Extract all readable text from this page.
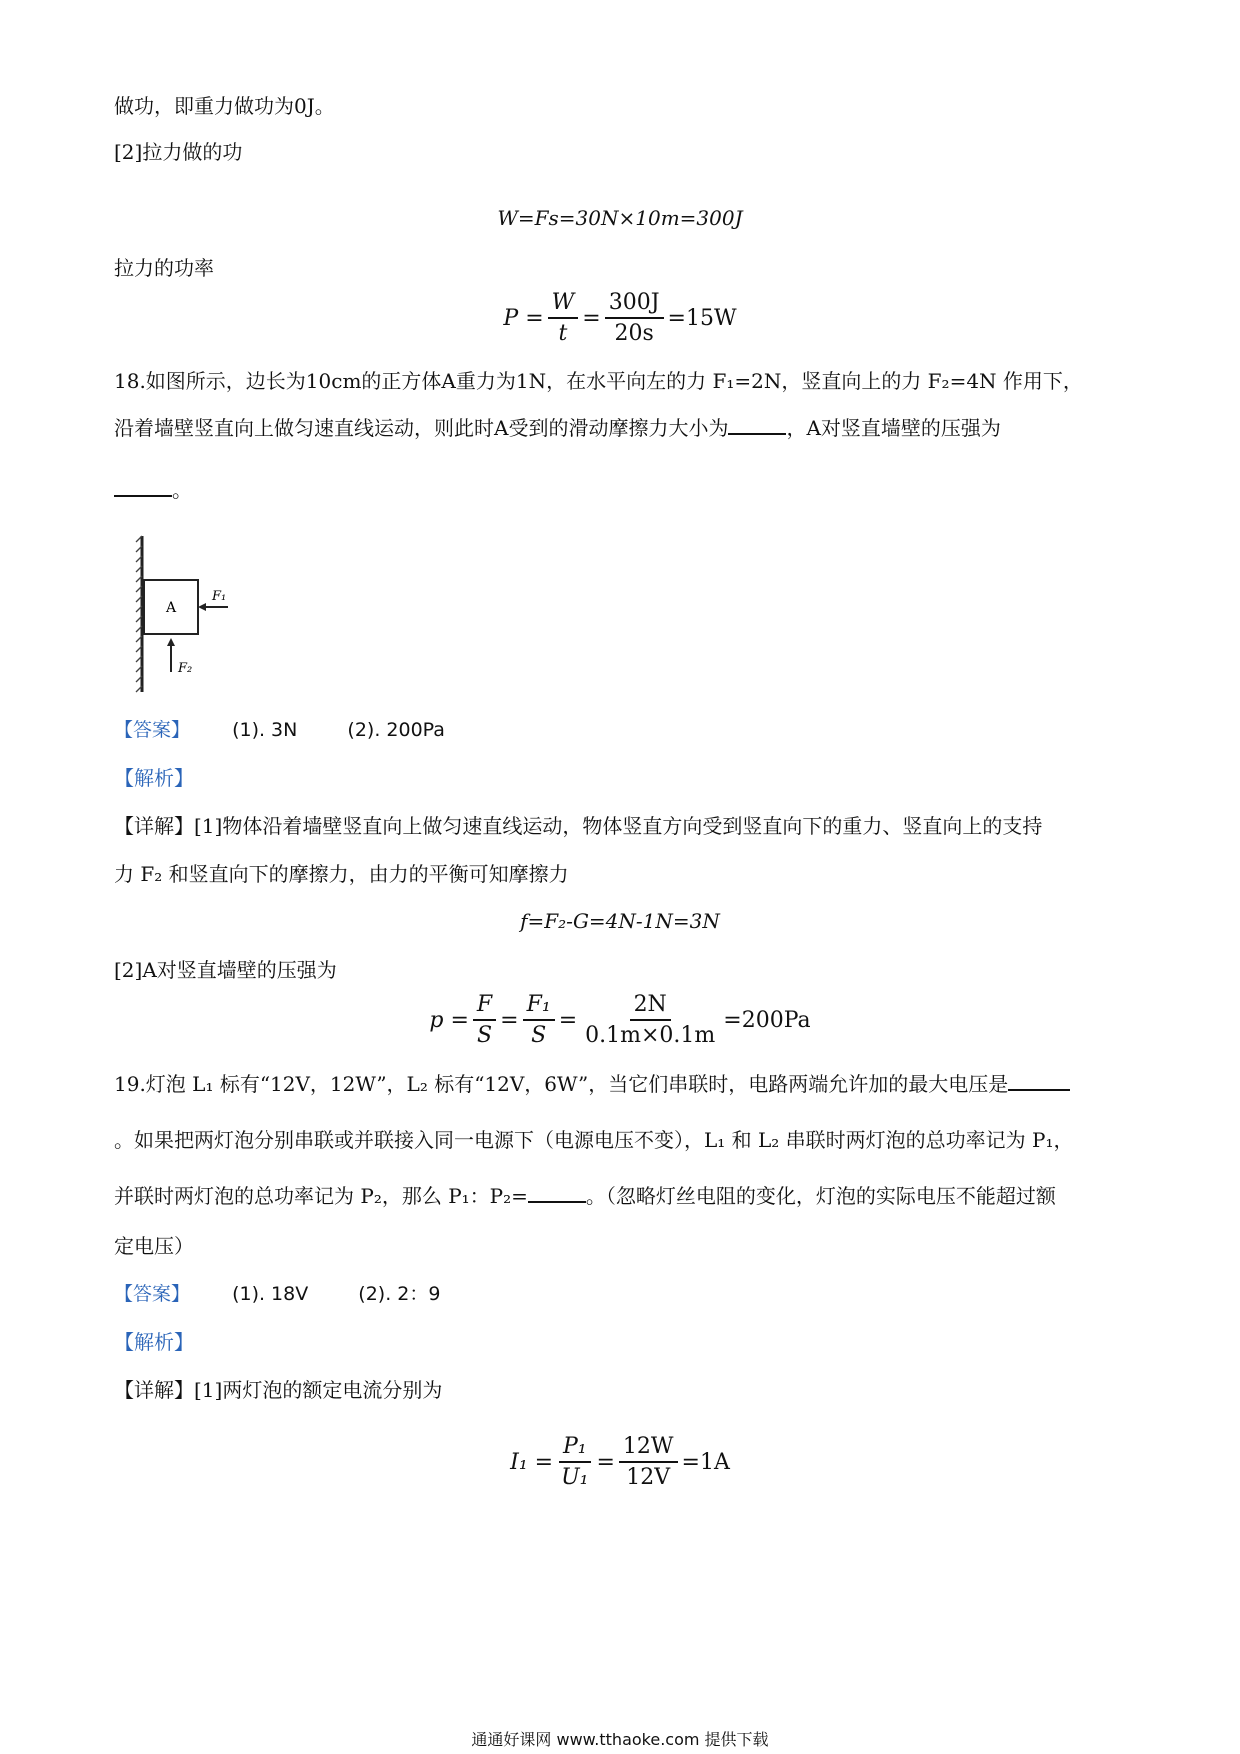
做功，即重力做功为0J。
[2]拉力做的功
W=Fs=30N×10m=300J
拉力的功率
$P = \frac{W}{t} = \frac{300J}{20s} =15W$
18.如图所示，边长为10cm的正方体A重力为1N，在水平向左的力 F₁=2N，竖直向上的力 F₂=4N 作用下，
沿着墙壁竖直向上做匀速直线运动，则此时A受到的滑动摩擦力大小为	，A对竖直墙壁的压强为
。
A
F₁
F₂
【答案】 (1). 3N	(2). 200Pa
【解析】
【详解】[1]物体沿着墙壁竖直向上做匀速直线运动，物体竖直方向受到竖直向下的重力、竖直向上的支持
力 F₂ 和竖直向下的摩擦力，由力的平衡可知摩擦力
f=F₂-G=4N-1N=3N
[2]A对竖直墙壁的压强为
$p = \frac{F}{S} = \frac{\text{F₁}}{S} = \frac{2N}{0.1m\times 0.1m} =200Pa$
19.灯泡 L₁ 标有“12V，12W”，L₂ 标有“12V，6W”，当它们串联时，电路两端允许加的最大电压是
。如果把两灯泡分别串联或并联接入同一电源下（电源电压不变），L₁ 和 L₂ 串联时两灯泡的总功率记为 P₁，
并联时两灯泡的总功率记为 P₂，那么 P₁：P₂=	。（忽略灯丝电阻的变化，灯泡的实际电压不能超过额
定电压）
【答案】 (1). 18V	(2). 2：9
【解析】
【详解】[1]两灯泡的额定电流分别为
$I_1 = \frac{\text{P₁}}{\text{U₁}} = \frac{12W}{12V} =1A$
通通好课网 www.tthaoke.com 提供下载
